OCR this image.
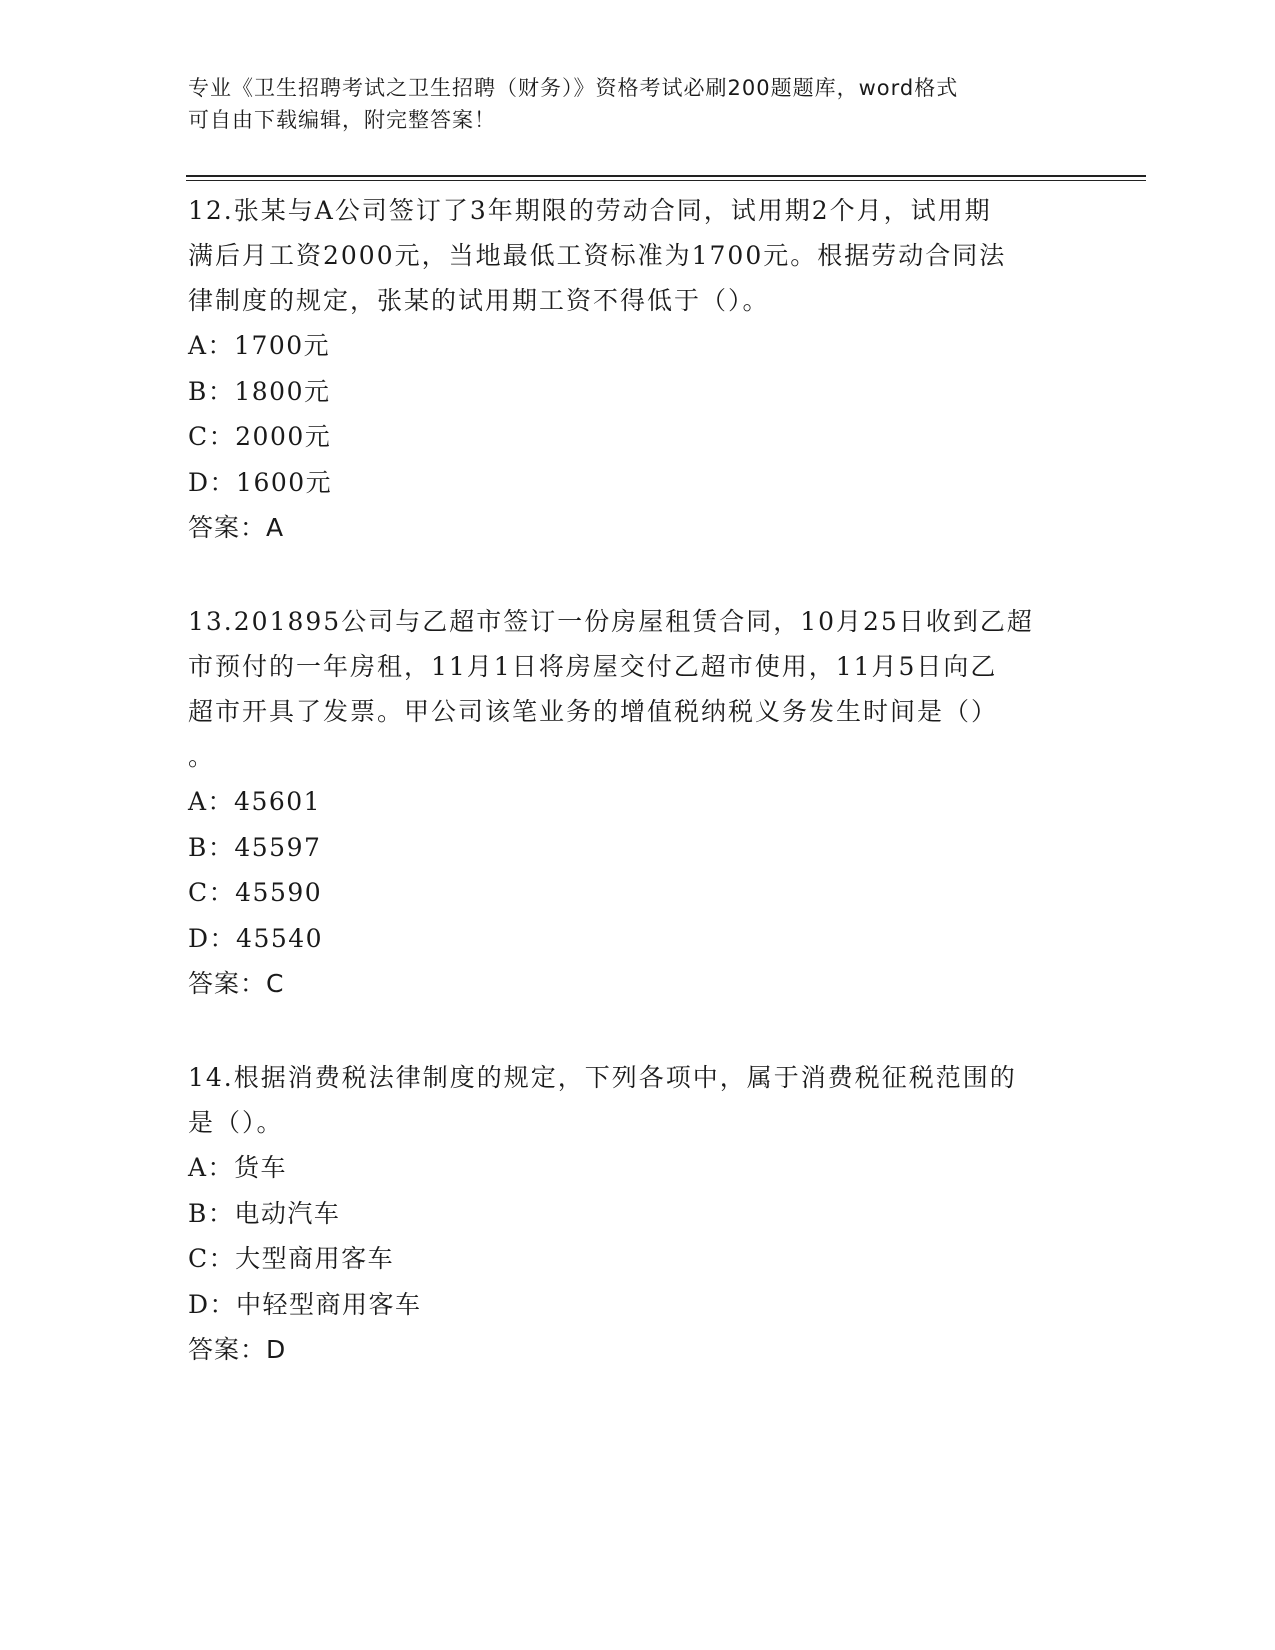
专业《卫生招聘考试之卫生招聘（财务）》资格考试必刷200题题库，word格式
可自由下载编辑，附完整答案！
12.张某与A公司签订了3年期限的劳动合同，试用期2个月，试用期
满后月工资2000元，当地最低工资标准为1700元。根据劳动合同法
律制度的规定，张某的试用期工资不得低于（）。
A：1700元
B：1800元
C：2000元
D：1600元
答案：A
13.201895公司与乙超市签订一份房屋租赁合同，10月25日收到乙超
市预付的一年房租，11月1日将房屋交付乙超市使用，11月5日向乙
超市开具了发票。甲公司该笔业务的增值税纳税义务发生时间是（）
。
A：45601
B：45597
C：45590
D：45540
答案：C
14.根据消费税法律制度的规定，下列各项中，属于消费税征税范围的
是（）。
A：货车
B：电动汽车
C：大型商用客车
D：中轻型商用客车
答案：D
